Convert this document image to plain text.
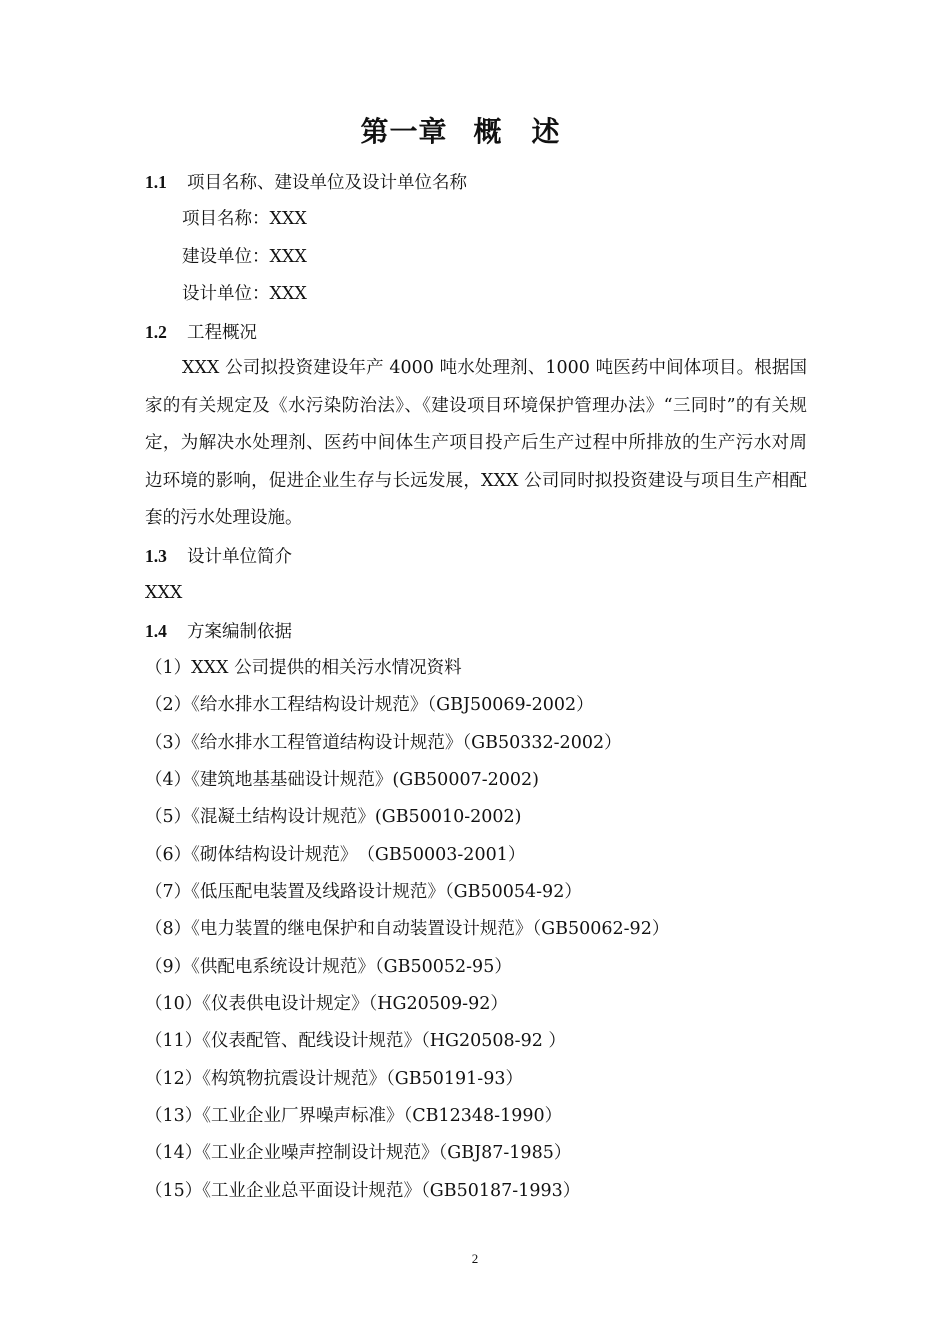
第一章 概述
1.1 项目名称、建设单位及设计单位名称
项目名称：XXX
建设单位：XXX
设计单位：XXX
1.2 工程概况
XXX 公司拟投资建设年产 4000 吨水处理剂、1000 吨医药中间体项目。根据国家的有关规定及《水污染防治法》、《建设项目环境保护管理办法》“三同时”的有关规定，为解决水处理剂、医药中间体生产项目投产后生产过程中所排放的生产污水对周边环境的影响，促进企业生存与长远发展，XXX 公司同时拟投资建设与项目生产相配套的污水处理设施。
1.3 设计单位简介
XXX
1.4 方案编制依据
（1）XXX 公司提供的相关污水情况资料
（2）《给水排水工程结构设计规范》（GBJ50069-2002）
（3）《给水排水工程管道结构设计规范》（GB50332-2002）
（4）《建筑地基基础设计规范》(GB50007-2002)
（5）《混凝土结构设计规范》(GB50010-2002)
（6）《砌体结构设计规范》　（GB50003-2001）
（7）《低压配电装置及线路设计规范》（GB50054-92）
（8）《电力装置的继电保护和自动装置设计规范》（GB50062-92）
（9）《供配电系统设计规范》（GB50052-95）
（10）《仪表供电设计规定》（HG20509-92）
（11）《仪表配管、配线设计规范》（HG20508-92 ）
（12）《构筑物抗震设计规范》（GB50191-93）
（13）《工业企业厂界噪声标准》（CB12348-1990）
（14）《工业企业噪声控制设计规范》（GBJ87-1985）
（15）《工业企业总平面设计规范》（GB50187-1993）
2
